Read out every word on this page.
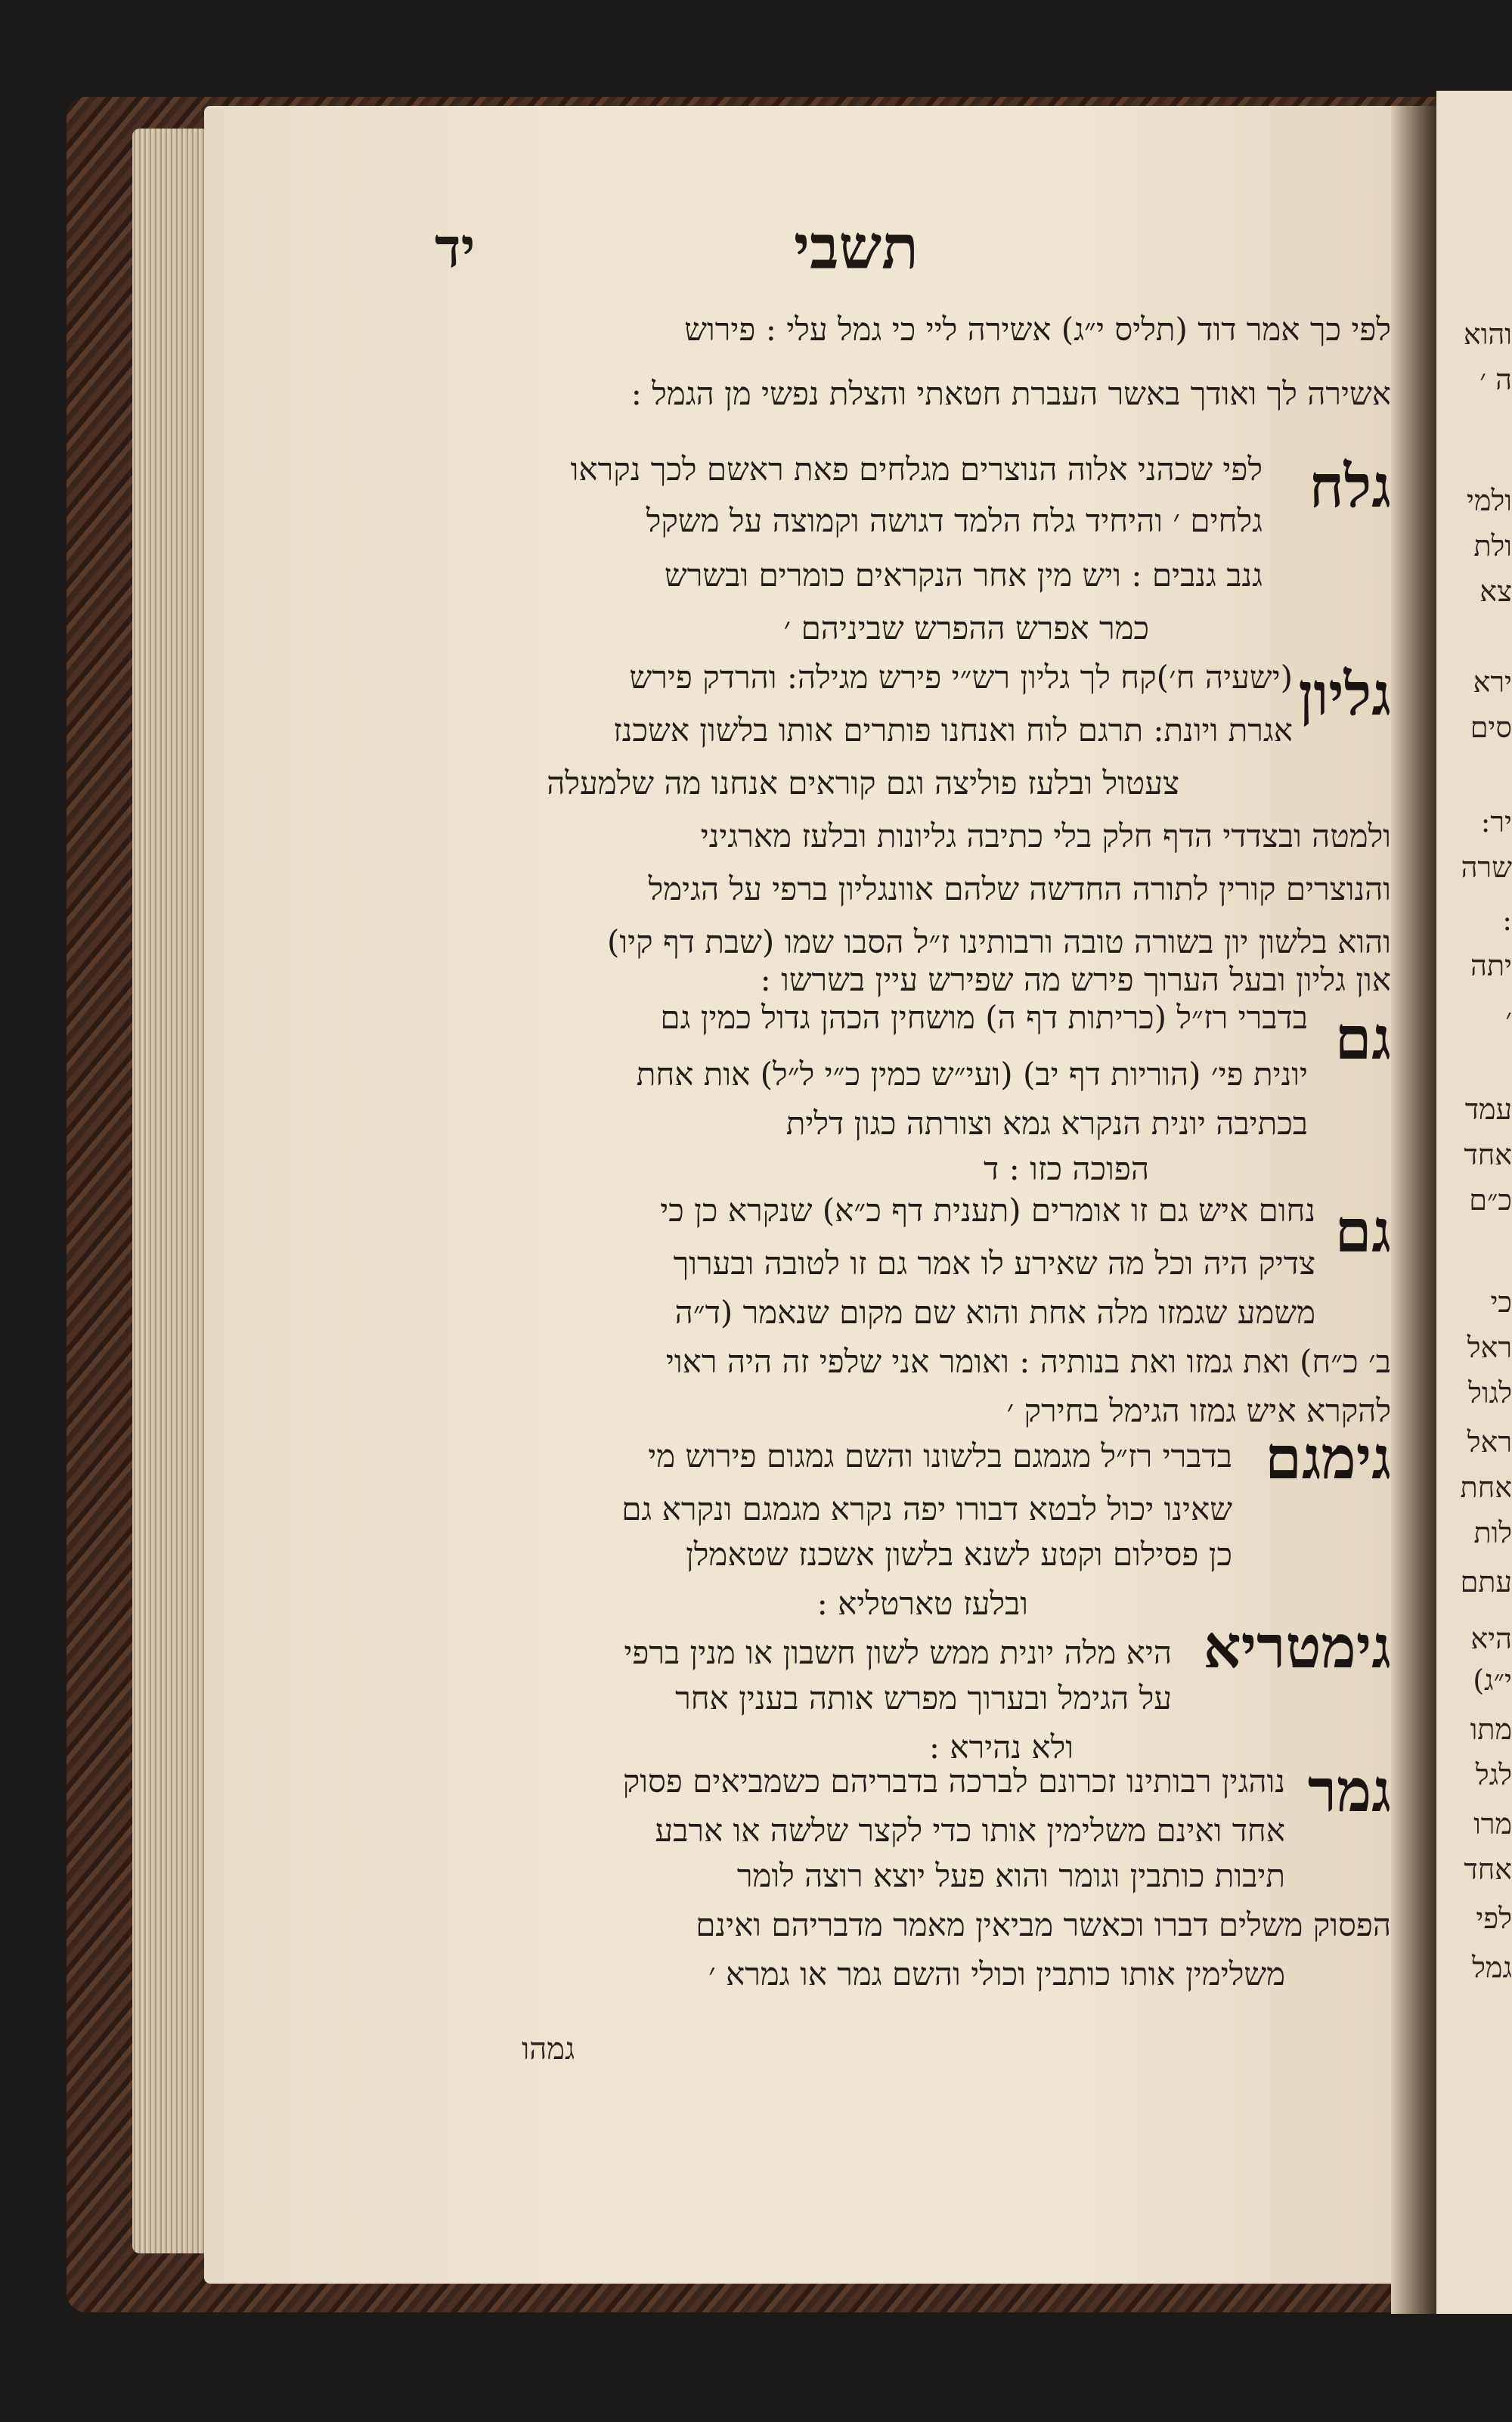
והוא
ה ׳
ולמי
ולת
צא
ירא
סים
יר:
שרה
:
יתה
׳
עמד
אחד
כ״ם
כי
ראל
לגול
ראל
אחת
לות
עתם
היא
י״ג)
מתו
לגל
מרו
אחד
לפי
גמל
תשבי
יד
לפי כך אמר דוד (תליס י״ג) אשירה ליי כי גמל עלי : פירוש
אשירה לך ואודך באשר העברת חטאתי והצלת נפשי מן הגמל :
גלח
לפי שכהני אלוה הנוצרים מגלחים פאת ראשם לכך נקראו
גלחים ׳ והיחיד גלח הלמד דגושה וקמוצה על משקל
גנב גנבים : ויש מין אחר הנקראים כומרים ובשרש
כמר אפרש ההפרש שביניהם ׳
גליון
(ישעיה ח׳)קח לך גליון רש״י פירש מגילה: והרדק פירש
אגרת ויונת: תרגם לוח ואנחנו פותרים אותו בלשון אשכנז
צעטול ובלעז פוליצה וגם קוראים אנחנו מה שלמעלה
ולמטה ובצדדי הדף חלק בלי כתיבה גליונות ובלעז מארגיני
והנוצרים קורין לתורה החדשה שלהם אוונגליון ברפי על הגימל
והוא בלשון יון בשורה טובה ורבותינו ז״ל הסבו שמו (שבת דף קיו)
און גליון ובעל הערוך פירש מה שפירש עיין בשרשו :
גם
בדברי רז״ל (כריתות דף ה) מושחין הכהן גדול כמין גם
יונית פי׳ (הוריות דף יב) (ועי״ש כמין כ״י ל״ל) אות אחת
בכתיבה יונית הנקרא גמא וצורתה כגון דלית
הפוכה כזו : ד
גם
נחום איש גם זו אומרים (תענית דף כ״א) שנקרא כן כי
צדיק היה וכל מה שאירע לו אמר גם זו לטובה ובערוך
משמע שגמזו מלה אחת והוא שם מקום שנאמר (ד״ה
ב׳ כ״ח) ואת גמזו ואת בנותיה : ואומר אני שלפי זה היה ראוי
להקרא איש גמזו הגימל בחירק ׳
גימגם
בדברי רז״ל מגמגם בלשונו והשם גמגום פירוש מי
שאינו יכול לבטא דבורו יפה נקרא מגמגם ונקרא גם
כן פסילום וקטע לשנא בלשון אשכנז שטאמלן
ובלעז טארטליא :
גימטריא
היא מלה יונית ממש לשון חשבון או מנין ברפי
על הגימל ובערוך מפרש אותה בענין אחר
ולא נהירא :
גמר
נוהגין רבותינו זכרונם לברכה בדבריהם כשמביאים פסוק
אחד ואינם משלימין אותו כדי לקצר שלשה או ארבע
תיבות כותבין וגומר והוא פעל יוצא רוצה לומר
הפסוק משלים דברו וכאשר מביאין מאמר מדבריהם ואינם
משלימין אותו כותבין וכולי והשם גמר או גמרא ׳
גמהו
